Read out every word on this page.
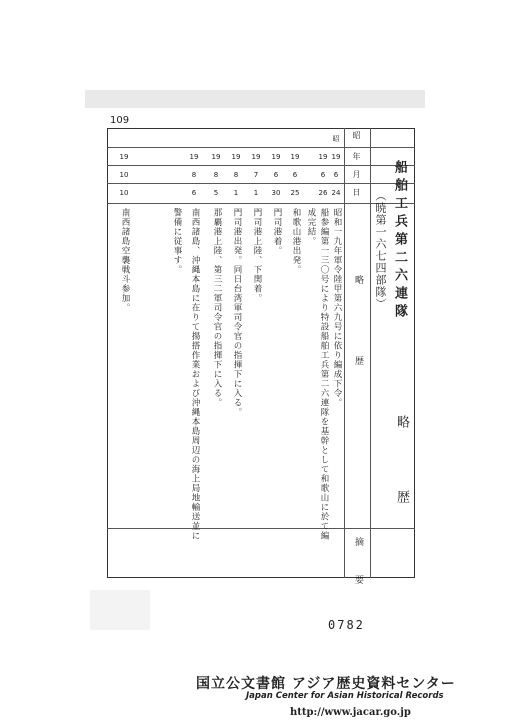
109
昭
年
月
日
略　　歴
摘　要
船舶工兵第二六連隊
（暁第一六七四部隊）
略　　歴
19
6
24
昭和一九年軍令陸甲第六九号に依り編成下令。
19
6
26
船参編第一三〇号により特設船舶工兵第二六連隊を基幹として和歌山に於て編
成完結。
19
6
25
和歌山港出発。
19
6
30
門司港着。
19
7
1
門司港上陸、下関着。
19
8
1
門司港出発。同日台湾軍司令官の指揮下に入る。
19
8
5
那覇港上陸、第三二軍司令官の指揮下に入る。
19
8
6
南西諸島、沖縄本島に在りて揚搭作業および沖縄本島周辺の海上局地輸送並に
警備に従事す。
19
10
10
南西諸島空襲戦斗参加。
昭
0782
国立公文書館 アジア歴史資料センター
Japan Center for Asian Historical Records
http://www.jacar.go.jp
